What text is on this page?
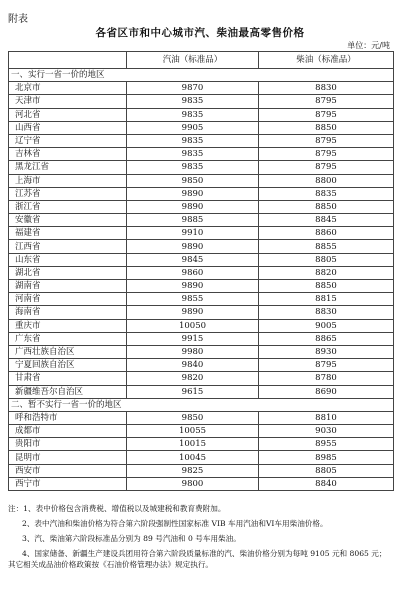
附表
各省区市和中心城市汽、柴油最高零售价格
单位：元/吨
	汽油（标准品）	柴油（标准品）
一、实行一省一价的地区		
北京市	9870	8830
天津市	9835	8795
河北省	9835	8795
山西省	9905	8850
辽宁省	9835	8795
吉林省	9835	8795
黑龙江省	9835	8795
上海市	9850	8800
江苏省	9890	8835
浙江省	9890	8850
安徽省	9885	8845
福建省	9910	8860
江西省	9890	8855
山东省	9845	8805
湖北省	9860	8820
湖南省	9890	8850
河南省	9855	8815
海南省	9890	8830
重庆市	10050	9005
广东省	9915	8865
广西壮族自治区	9980	8930
宁夏回族自治区	9840	8795
甘肃省	9820	8780
新疆维吾尔自治区	9615	8690
二、暂不实行一省一价的地区		
呼和浩特市	9850	8810
成都市	10055	9030
贵阳市	10015	8955
昆明市	10045	8985
西安市	9825	8805
西宁市	9800	8840

注：1、表中价格包含消费税、增值税以及城建税和教育费附加。

2、表中汽油和柴油价格为符合第六阶段强制性国家标准 VIB 车用汽油和VI车用柴油价格。

3、汽、柴油第六阶段标准品分别为 89 号汽油和 0 号车用柴油。

4、国家储备、新疆生产建设兵团用符合第六阶段质量标准的汽、柴油价格分别为每吨 9105 元和 8065 元；其它相关成品油价格政策按《石油价格管理办法》规定执行。
